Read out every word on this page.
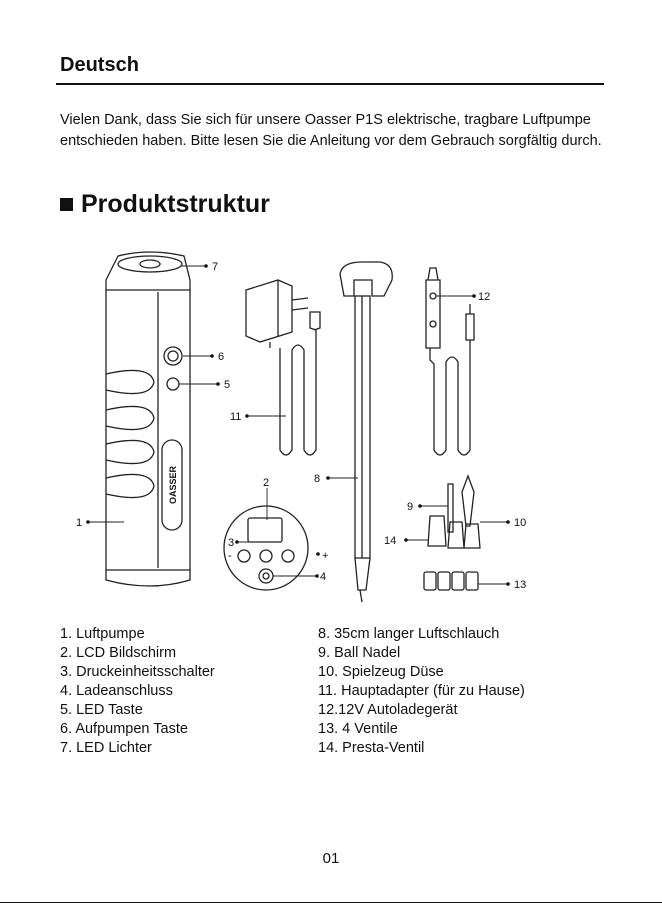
Deutsch

Vielen Dank, dass Sie sich für unsere Oasser P1S elektrische, tragbare Luftpumpe entschieden haben. Bitte lesen Sie die Anleitung vor dem Gebrauch sorgfältig durch.

Produktstruktur
7
6
5
11
12
8
2
9
10
1
3	14
4
13
-	+
OASSER
1. Luftpumpe
2. LCD Bildschirm
3. Druckeinheitsschalter
4. Ladeanschluss
5. LED Taste
6. Aufpumpen Taste
7. LED Lichter
8. 35cm langer Luftschlauch
9. Ball Nadel
10. Spielzeug Düse
11. Hauptadapter (für zu Hause)
12.12V Autoladegerät
13. 4 Ventile
14. Presta-Ventil

01
